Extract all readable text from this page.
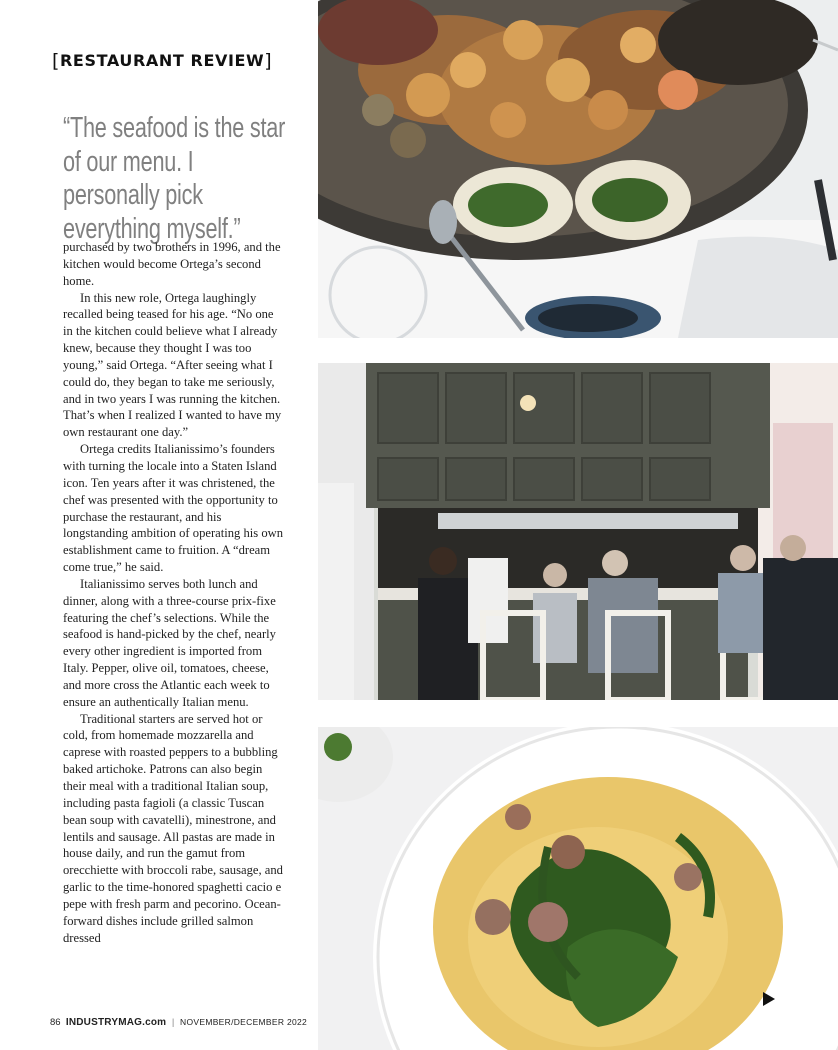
[RESTAURANT REVIEW]

“The seafood is the star of our menu. I personally pick everything myself.”

purchased by two brothers in 1996, and the kitchen would become Ortega’s second home.

In this new role, Ortega laughingly recalled being teased for his age. “No one in the kitchen could believe what I already knew, because they thought I was too young,” said Ortega. “After seeing what I could do, they began to take me seriously, and in two years I was running the kitchen. That’s when I realized I wanted to have my own restaurant one day.”

Ortega credits Italianissimo’s founders with turning the locale into a Staten Island icon. Ten years after it was christened, the chef was presented with the opportunity to purchase the restaurant, and his longstanding ambition of operating his own establishment came to fruition. A “dream come true,” he said.

Italianissimo serves both lunch and dinner, along with a three-course prix-fixe featuring the chef’s selections. While the seafood is hand-picked by the chef, nearly every other ingredient is imported from Italy. Pepper, olive oil, tomatoes, cheese, and more cross the Atlantic each week to ensure an authentically Italian menu.

Traditional starters are served hot or cold, from homemade mozzarella and caprese with roasted peppers to a bubbling baked artichoke. Patrons can also begin their meal with a traditional Italian soup, including pasta fagioli (a classic Tuscan bean soup with cavatelli), minestrone, and lentils and sausage. All pastas are made in house daily, and run the gamut from orecchiette with broccoli rabe, sausage, and garlic to the time-honored spaghetti cacio e pepe with fresh parm and pecorino. Ocean-forward dishes include grilled salmon dressed

86 INDUSTRYMAG.com | NOVEMBER/DECEMBER 2022
